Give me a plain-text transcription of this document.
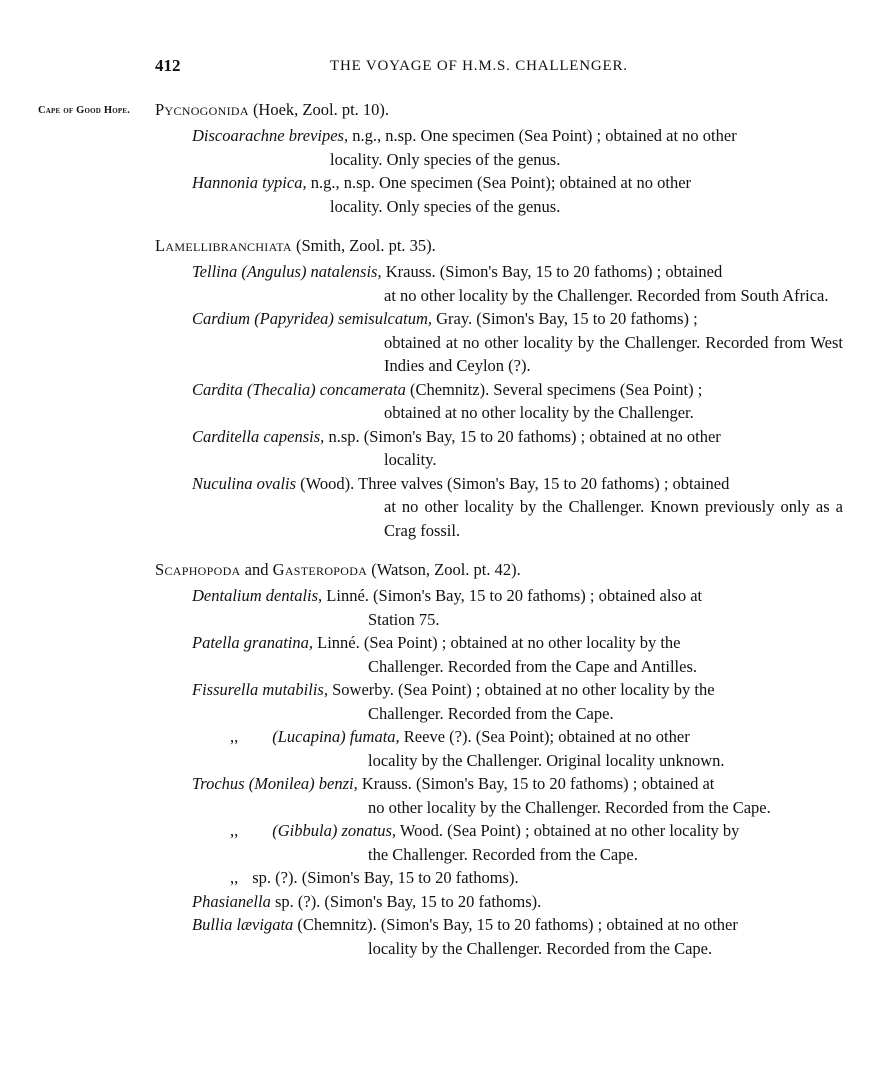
412	THE VOYAGE OF H.M.S. CHALLENGER.
Cape of Good Hope.	Pycnogonida (Hoek, Zool. pt. 10).
Discoarachne brevipes, n.g., n.sp. One specimen (Sea Point) ; obtained at no other
locality. Only species of the genus.
Hannonia typica, n.g., n.sp. One specimen (Sea Point); obtained at no other
locality. Only species of the genus.
Lamellibranchiata (Smith, Zool. pt. 35).
Tellina (Angulus) natalensis, Krauss. (Simon's Bay, 15 to 20 fathoms) ; obtained
at no other locality by the Challenger. Recorded from South Africa.
Cardium (Papyridea) semisulcatum, Gray. (Simon's Bay, 15 to 20 fathoms) ;
obtained at no other locality by the Challenger. Recorded from West Indies and Ceylon (?).
Cardita (Thecalia) concamerata (Chemnitz). Several specimens (Sea Point) ;
obtained at no other locality by the Challenger.
Carditella capensis, n.sp. (Simon's Bay, 15 to 20 fathoms) ; obtained at no other
locality.
Nuculina ovalis (Wood). Three valves (Simon's Bay, 15 to 20 fathoms) ; obtained
at no other locality by the Challenger. Known previously only as a Crag fossil.
Scaphopoda and Gasteropoda (Watson, Zool. pt. 42).
Dentalium dentalis, Linné. (Simon's Bay, 15 to 20 fathoms) ; obtained also at
Station 75.
Patella granatina, Linné. (Sea Point) ; obtained at no other locality by the
Challenger. Recorded from the Cape and Antilles.
Fissurella mutabilis, Sowerby. (Sea Point) ; obtained at no other locality by the
Challenger. Recorded from the Cape.
,, (Lucapina) fumata, Reeve (?). (Sea Point); obtained at no other
locality by the Challenger. Original locality unknown.
Trochus (Monilea) benzi, Krauss. (Simon's Bay, 15 to 20 fathoms) ; obtained at
no other locality by the Challenger. Recorded from the Cape.
,, (Gibbula) zonatus, Wood. (Sea Point) ; obtained at no other locality by
the Challenger. Recorded from the Cape.
,, sp. (?). (Simon's Bay, 15 to 20 fathoms).
Phasianella sp. (?). (Simon's Bay, 15 to 20 fathoms).
Bullia lævigata (Chemnitz). (Simon's Bay, 15 to 20 fathoms) ; obtained at no other
locality by the Challenger. Recorded from the Cape.
